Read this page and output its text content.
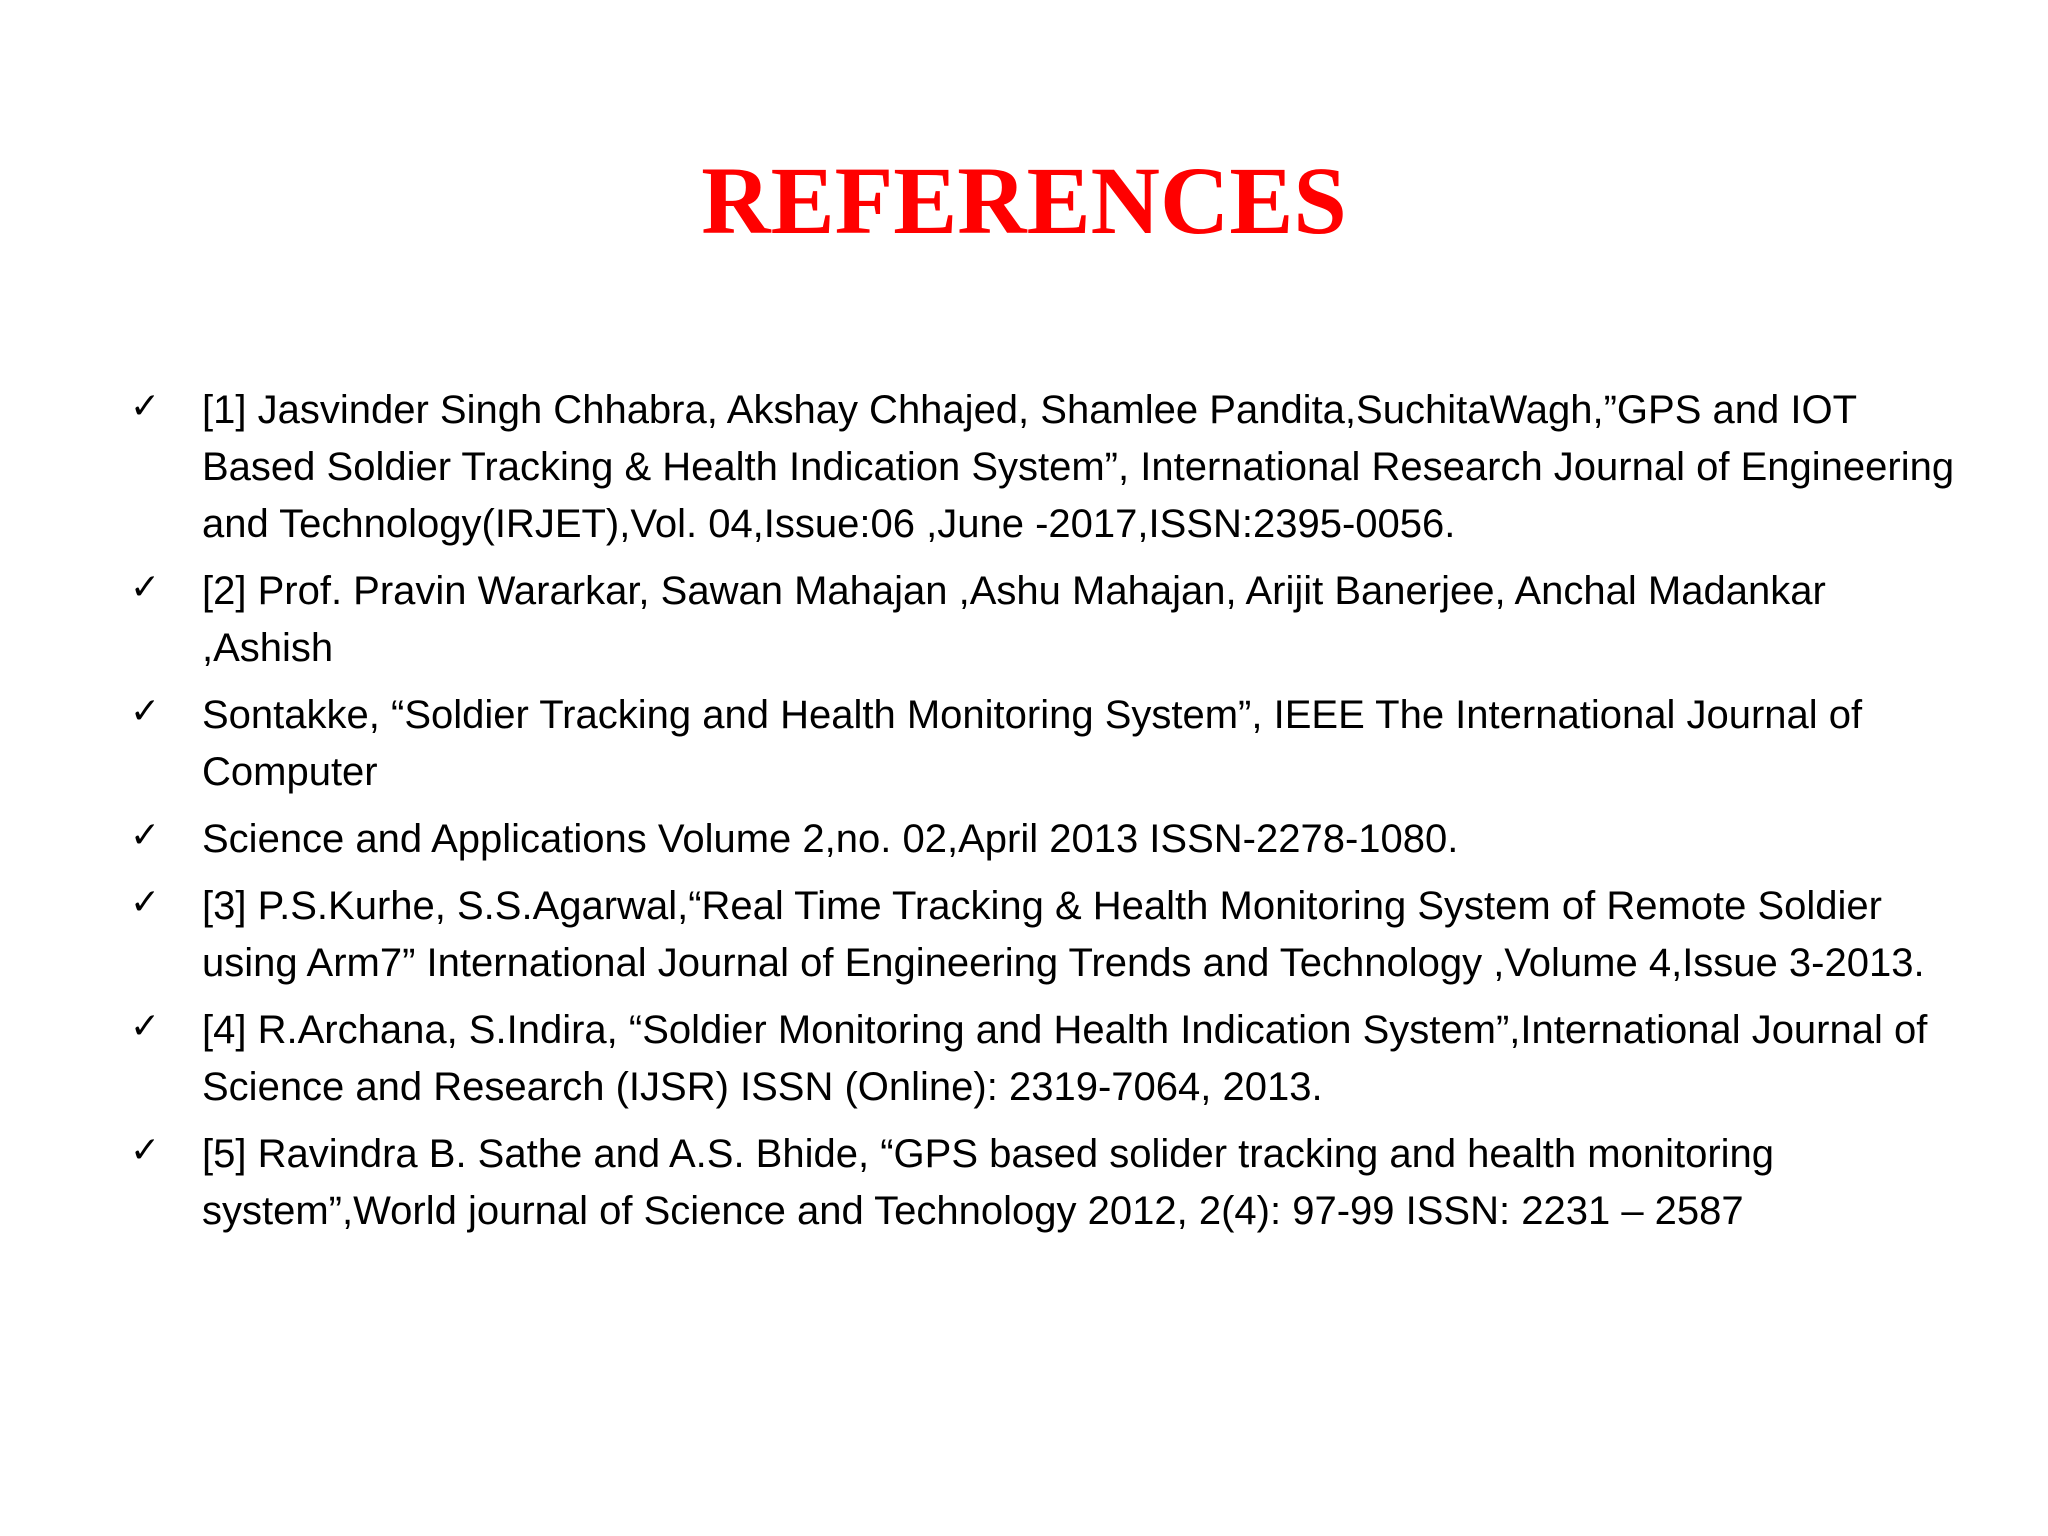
REFERENCES
✓ [1] Jasvinder Singh Chhabra, Akshay Chhajed, Shamlee Pandita,SuchitaWagh,”GPS and IOT Based Soldier Tracking & Health Indication System”, International Research Journal of Engineering and Technology(IRJET),Vol. 04,Issue:06 ,June -2017,ISSN:2395-0056.
✓ [2] Prof. Pravin Wararkar, Sawan Mahajan ,Ashu Mahajan, Arijit Banerjee, Anchal Madankar ,Ashish
✓ Sontakke, “Soldier Tracking and Health Monitoring System”, IEEE The International Journal of Computer
✓ Science and Applications Volume 2,no. 02,April 2013 ISSN-2278-1080.
✓ [3] P.S.Kurhe, S.S.Agarwal,“Real Time Tracking & Health Monitoring System of Remote Soldier using Arm7” International Journal of Engineering Trends and Technology ,Volume 4,Issue 3-2013.
✓ [4] R.Archana, S.Indira, “Soldier Monitoring and Health Indication System”,International Journal of Science and Research (IJSR) ISSN (Online): 2319-7064, 2013.
✓ [5] Ravindra B. Sathe and A.S. Bhide, “GPS based solider tracking and health monitoring system”,World journal of Science and Technology 2012, 2(4): 97-99 ISSN: 2231 – 2587
